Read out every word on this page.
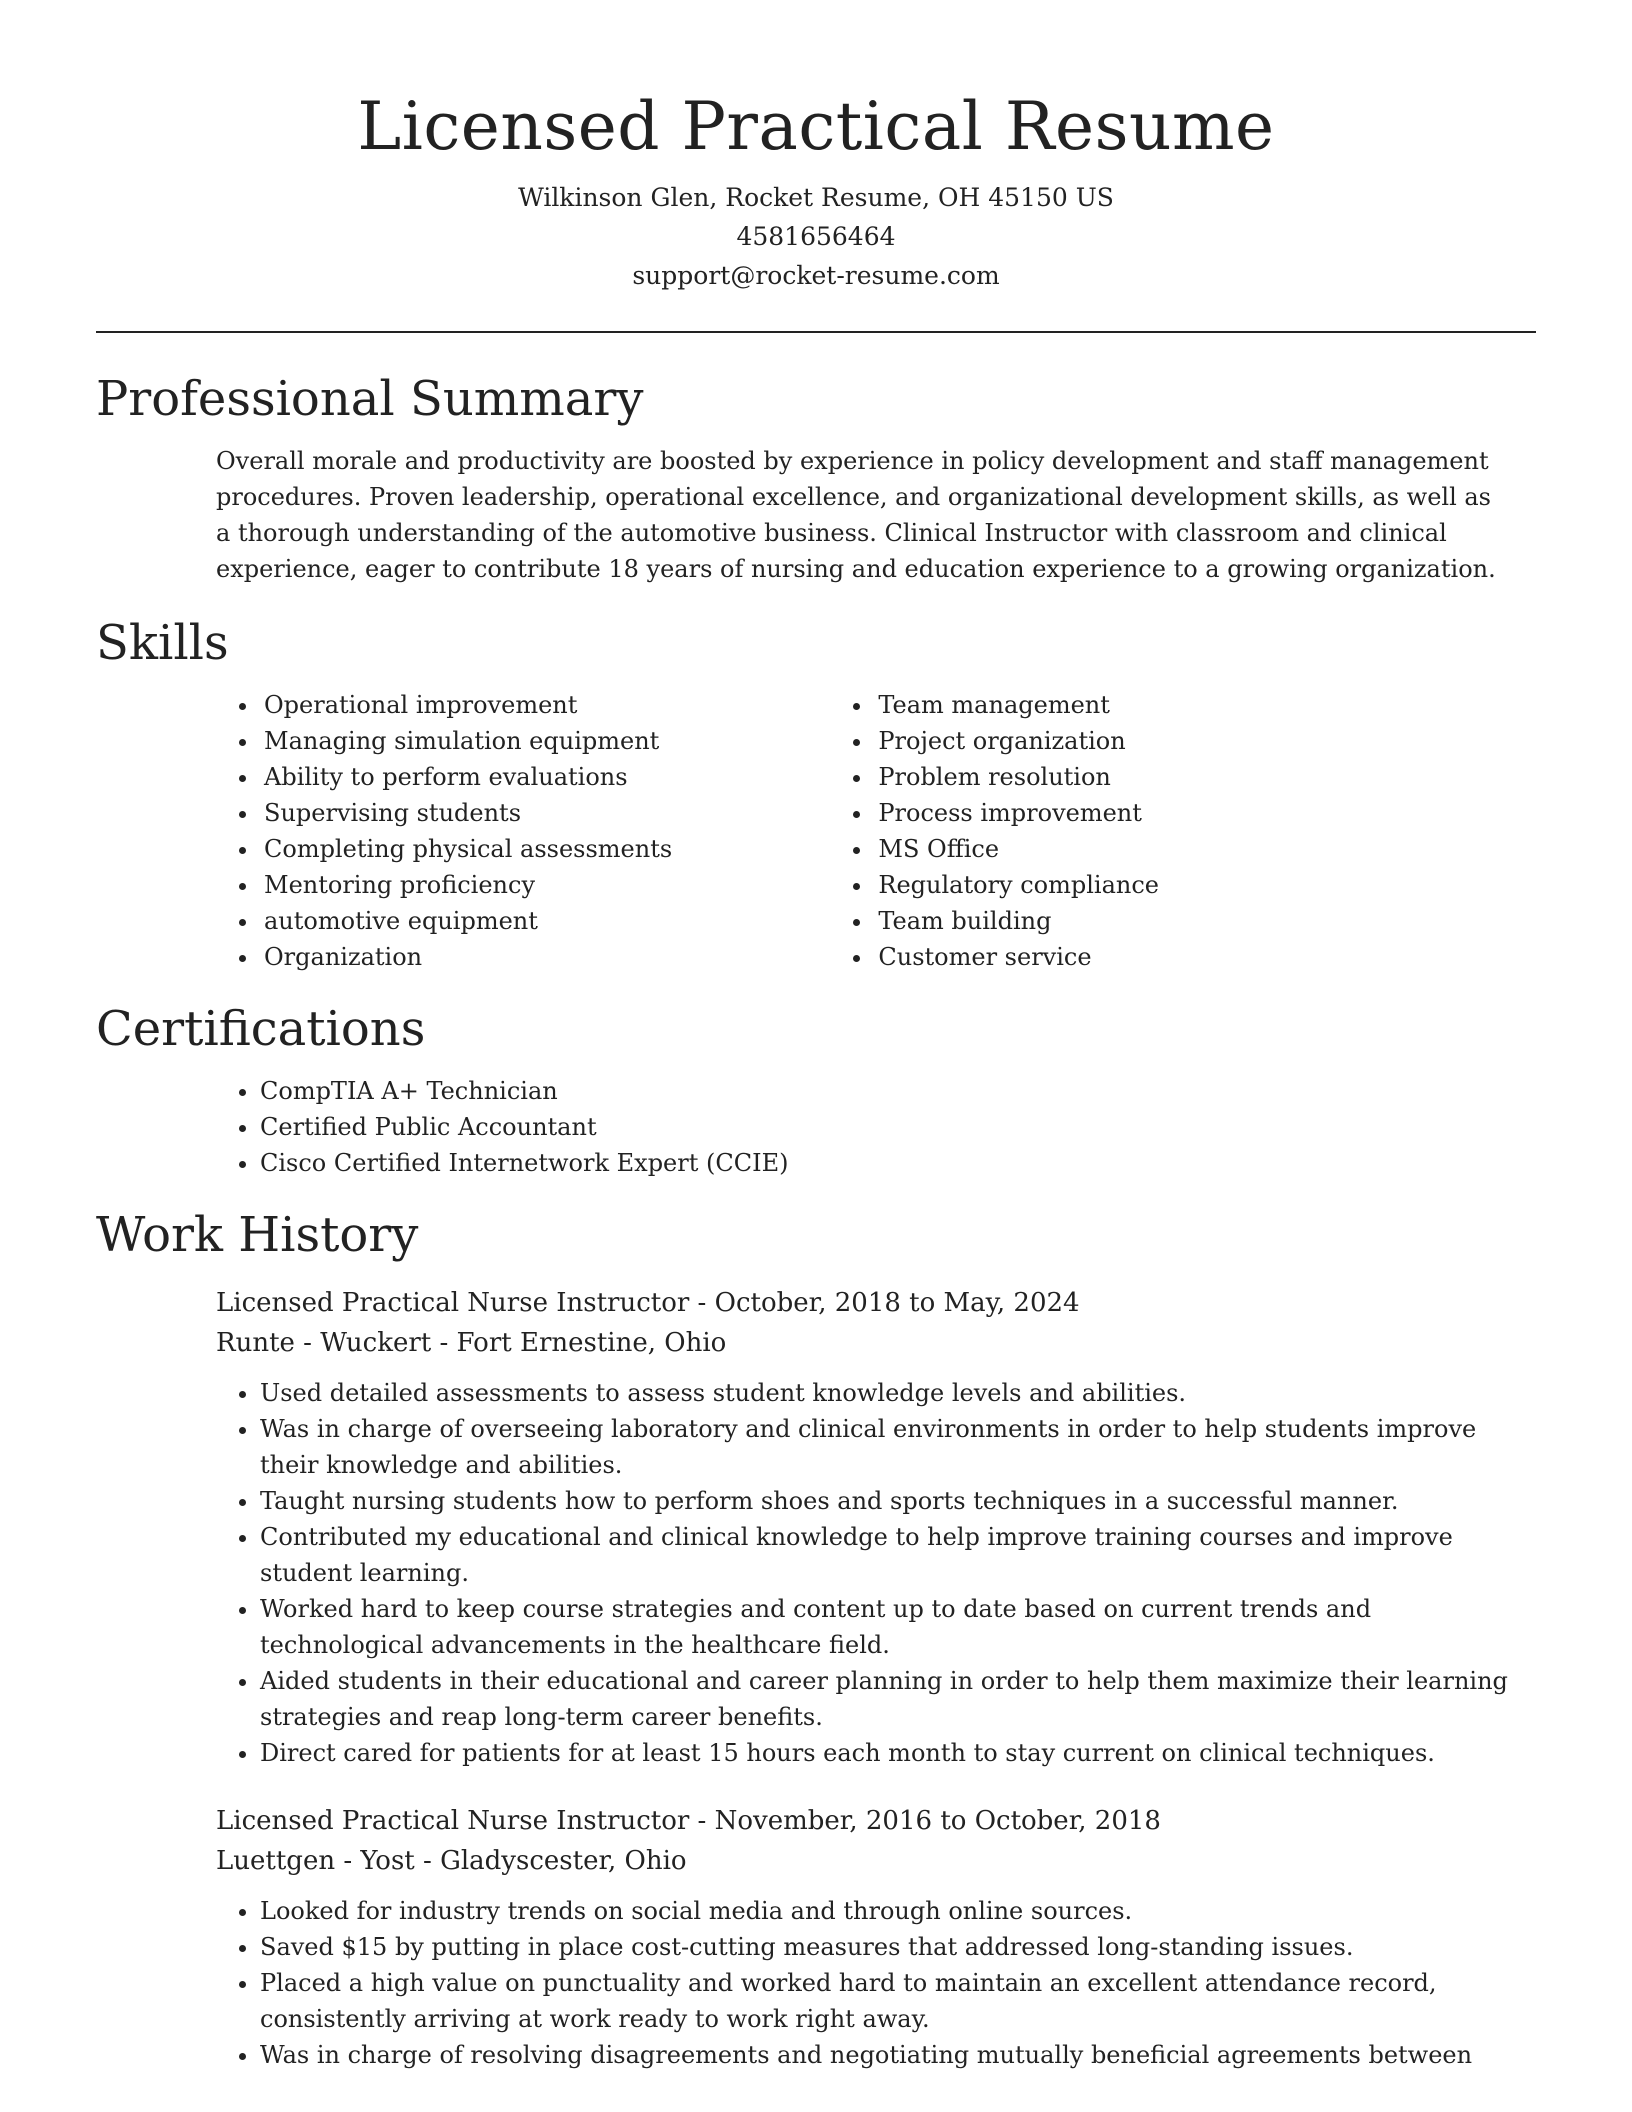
Licensed Practical Resume
Wilkinson Glen, Rocket Resume, OH 45150 US
4581656464
support@rocket-resume.com
Professional Summary

Overall morale and productivity are boosted by experience in policy development and staff management procedures. Proven leadership, operational excellence, and organizational development skills, as well as a thorough understanding of the automotive business. Clinical Instructor with classroom and clinical experience, eager to contribute 18 years of nursing and education experience to a growing organization.

Skills
• Operational improvement
• Managing simulation equipment
• Ability to perform evaluations
• Supervising students
• Completing physical assessments
• Mentoring proficiency
• automotive equipment
• Organization
• Team management
• Project organization
• Problem resolution
• Process improvement
• MS Office
• Regulatory compliance
• Team building
• Customer service
Certifications
• CompTIA A+ Technician
• Certified Public Accountant
• Cisco Certified Internetwork Expert (CCIE)
Work History
Licensed Practical Nurse Instructor - October, 2018 to May, 2024
Runte - Wuckert - Fort Ernestine, Ohio
• Used detailed assessments to assess student knowledge levels and abilities.
• Was in charge of overseeing laboratory and clinical environments in order to help students improve their knowledge and abilities.
• Taught nursing students how to perform shoes and sports techniques in a successful manner.
• Contributed my educational and clinical knowledge to help improve training courses and improve student learning.
• Worked hard to keep course strategies and content up to date based on current trends and technological advancements in the healthcare field.
• Aided students in their educational and career planning in order to help them maximize their learning strategies and reap long-term career benefits.
• Direct cared for patients for at least 15 hours each month to stay current on clinical techniques.
Licensed Practical Nurse Instructor - November, 2016 to October, 2018
Luettgen - Yost - Gladyscester, Ohio
• Looked for industry trends on social media and through online sources.
• Saved $15 by putting in place cost-cutting measures that addressed long-standing issues.
• Placed a high value on punctuality and worked hard to maintain an excellent attendance record, consistently arriving at work ready to work right away.
• Was in charge of resolving disagreements and negotiating mutually beneficial agreements between
